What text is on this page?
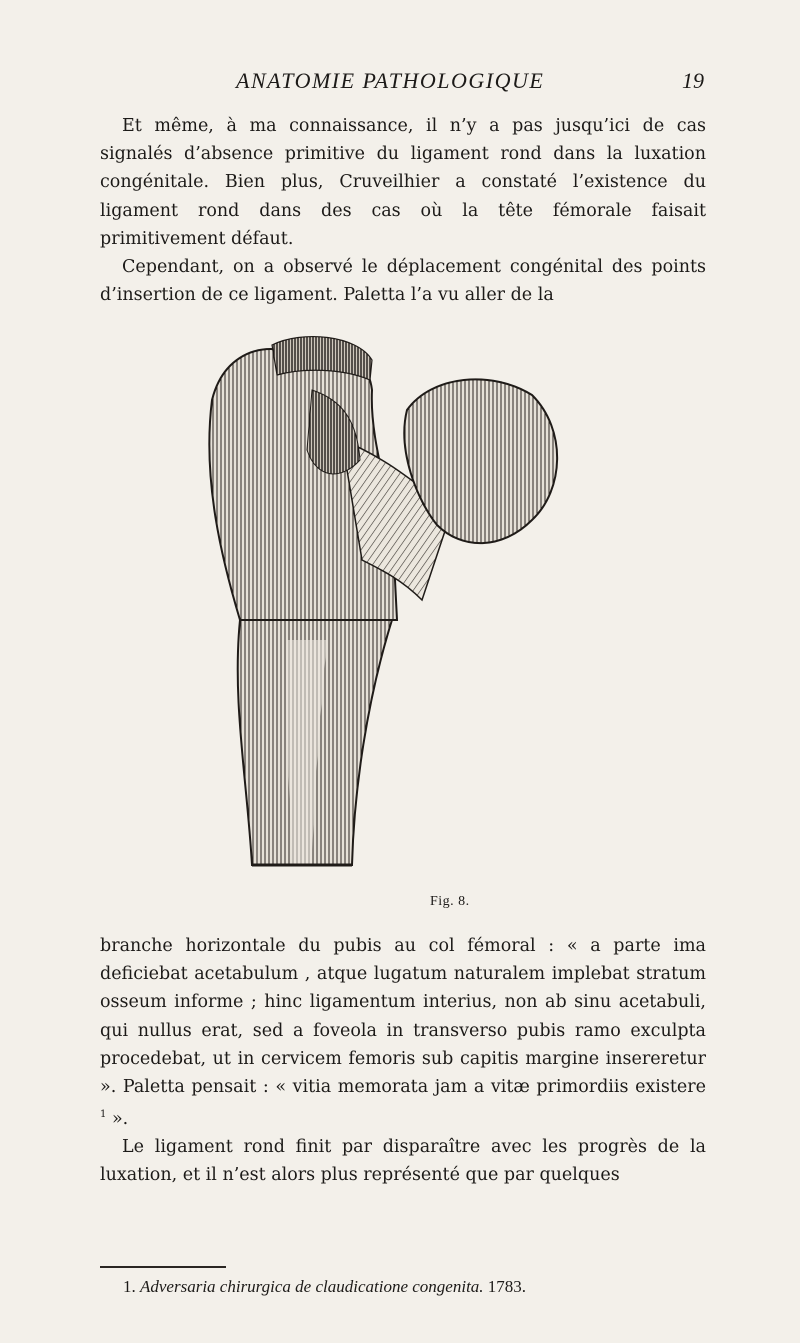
ANATOMIE PATHOLOGIQUE	19

Et même, à ma connaissance, il n’y a pas jusqu’ici de cas signalés d’absence primitive du ligament rond dans la luxation congénitale. Bien plus, Cruveilhier a constaté l’existence du ligament rond dans des cas où la tête fémorale faisait primitivement défaut.

Cependant, on a observé le déplacement congénital des points d’insertion de ce ligament. Paletta l’a vu aller de la

Fig. 8.

branche horizontale du pubis au col fémoral : « a parte ima deficiebat acetabulum , atque lugatum naturalem implebat stratum osseum informe ; hinc ligamentum interius, non ab sinu acetabuli, qui nullus erat, sed a foveola in transverso pubis ramo exculpta procedebat, ut in cervicem femoris sub capitis margine insereretur ». Paletta pensait : « vitia memorata jam a vitæ primordiis existere $^1$ ».

Le ligament rond finit par disparaître avec les progrès de la luxation, et il n’est alors plus représenté que par quelques

1. Adversaria chirurgica de claudicatione congenita. 1783.
